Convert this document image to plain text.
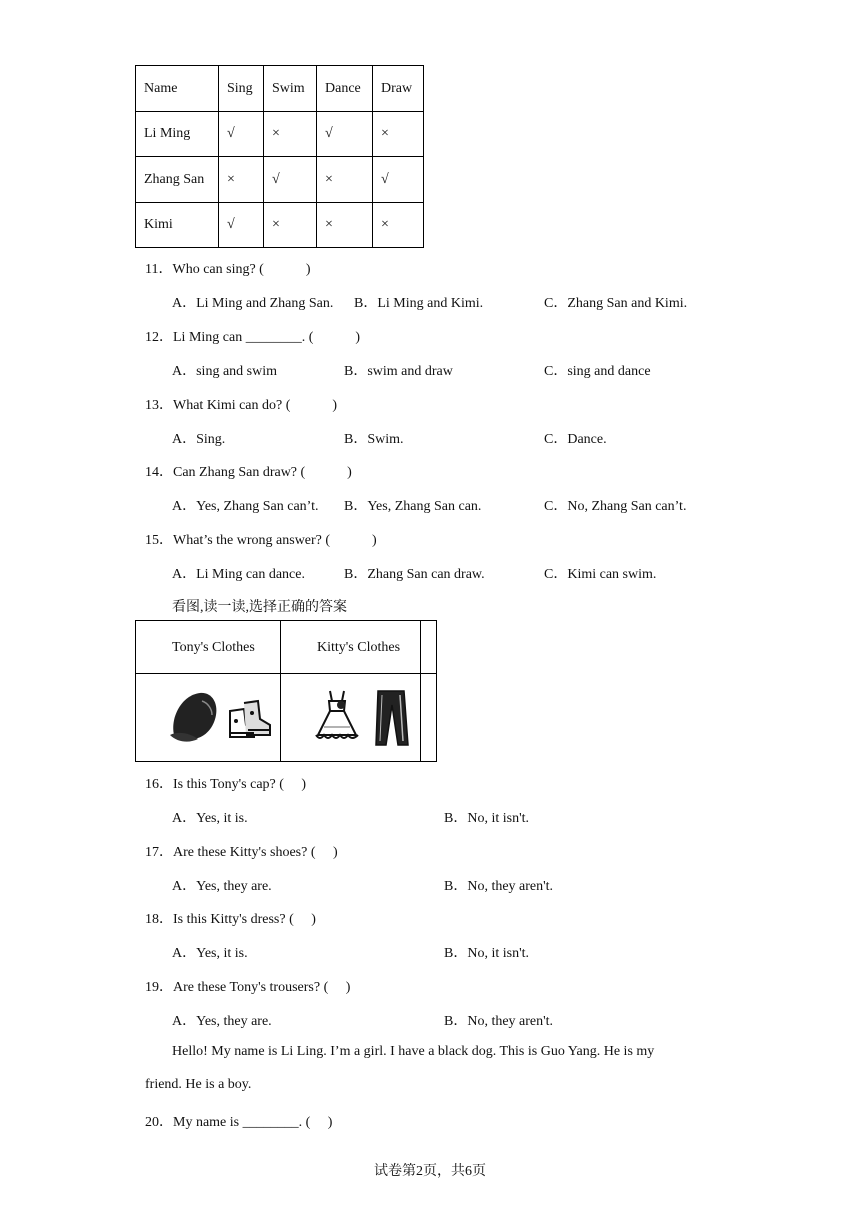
Name	Sing	Swim	Dance	Draw
Li Ming	√	×	√	×
Zhang San	×	√	×	√
Kimi	√	×	×	×
11．Who can sing? (   )
A．Li Ming and Zhang San. B．Li Ming and Kimi.	C．Zhang San and Kimi.
12．Li Ming can ________. (   )
A．sing and swim	B．swim and draw	C．sing and dance
13．What Kimi can do? (   )
A．Sing.	B．Swim.	C．Dance.
14．Can Zhang San draw? (   )
A．Yes, Zhang San can’t. B．Yes, Zhang San can.	C．No, Zhang San can’t.
15．What’s the wrong answer? (   )
A．Li Ming can dance.	B．Zhang San can draw.	C．Kimi can swim.
看图,读一读,选择正确的答案
Tony's Clothes	Kitty's Clothes
16．Is this Tony's cap? (  )
A．Yes, it is.	B．No, it isn't.
17．Are these Kitty's shoes? (  )
A．Yes, they are.	B．No, they aren't.
18．Is this Kitty's dress? (  )
A．Yes, it is.	B．No, it isn't.
19．Are these Tony's trousers? (  )
A．Yes, they are.	B．No, they aren't.
Hello! My name is Li Ling. I’m a girl. I have a black dog. This is Guo Yang. He is my
friend. He is a boy.
20．My name is ________. (  )
试卷第2页，共6页
